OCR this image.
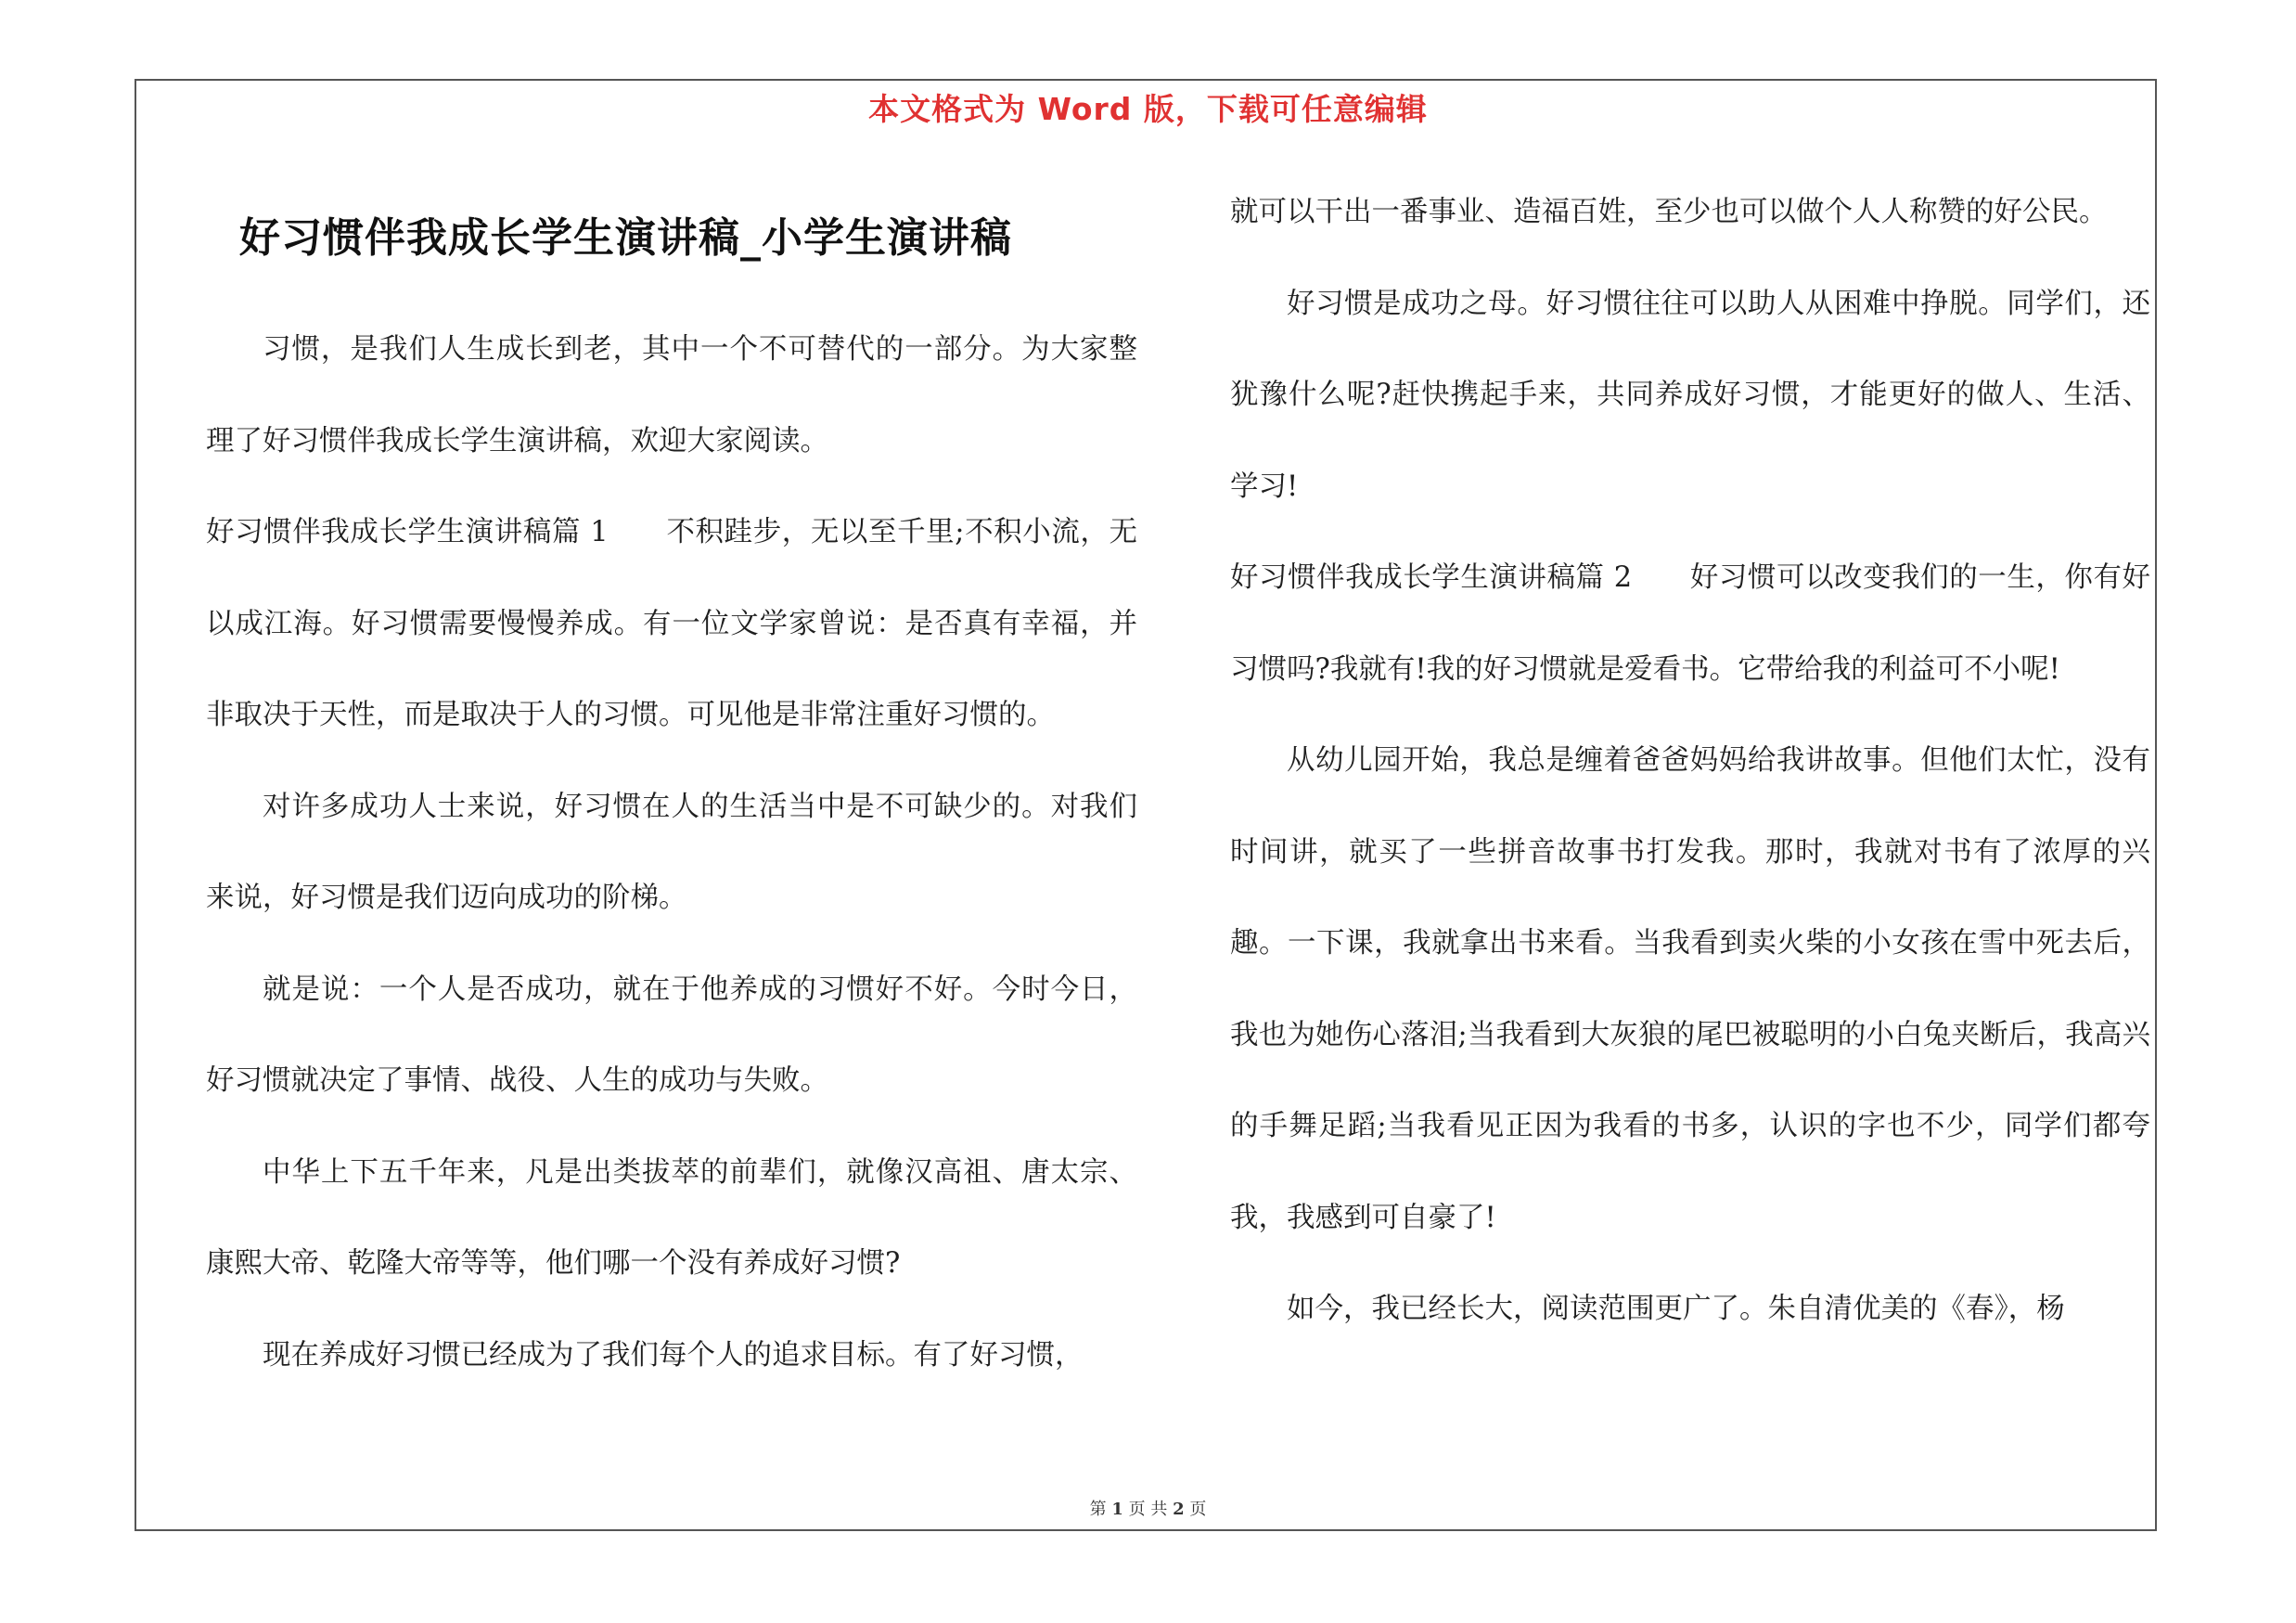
本文格式为 Word 版，下载可任意编辑
好习惯伴我成长学生演讲稿_小学生演讲稿

习惯，是我们人生成长到老，其中一个不可替代的一部分。为大家整理了好习惯伴我成长学生演讲稿，欢迎大家阅读。

好习惯伴我成长学生演讲稿篇 1　　不积跬步，无以至千里;不积小流，无以成江海。好习惯需要慢慢养成。有一位文学家曾说：是否真有幸福，并非取决于天性，而是取决于人的习惯。可见他是非常注重好习惯的。

对许多成功人士来说，好习惯在人的生活当中是不可缺少的。对我们来说，好习惯是我们迈向成功的阶梯。

就是说：一个人是否成功，就在于他养成的习惯好不好。今时今日，好习惯就决定了事情、战役、人生的成功与失败。

中华上下五千年来，凡是出类拔萃的前辈们，就像汉高祖、唐太宗、康熙大帝、乾隆大帝等等，他们哪一个没有养成好习惯?

现在养成好习惯已经成为了我们每个人的追求目标。有了好习惯，

就可以干出一番事业、造福百姓，至少也可以做个人人称赞的好公民。

好习惯是成功之母。好习惯往往可以助人从困难中挣脱。同学们，还犹豫什么呢?赶快携起手来，共同养成好习惯，才能更好的做人、生活、学习!

好习惯伴我成长学生演讲稿篇 2　　好习惯可以改变我们的一生，你有好习惯吗?我就有!我的好习惯就是爱看书。它带给我的利益可不小呢!

从幼儿园开始，我总是缠着爸爸妈妈给我讲故事。但他们太忙，没有时间讲，就买了一些拼音故事书打发我。那时，我就对书有了浓厚的兴趣。一下课，我就拿出书来看。当我看到卖火柴的小女孩在雪中死去后，我也为她伤心落泪;当我看到大灰狼的尾巴被聪明的小白兔夹断后，我高兴的手舞足蹈;当我看见正因为我看的书多，认识的字也不少，同学们都夸我，我感到可自豪了!

如今，我已经长大，阅读范围更广了。朱自清优美的《春》，杨

第 1 页 共 2 页
